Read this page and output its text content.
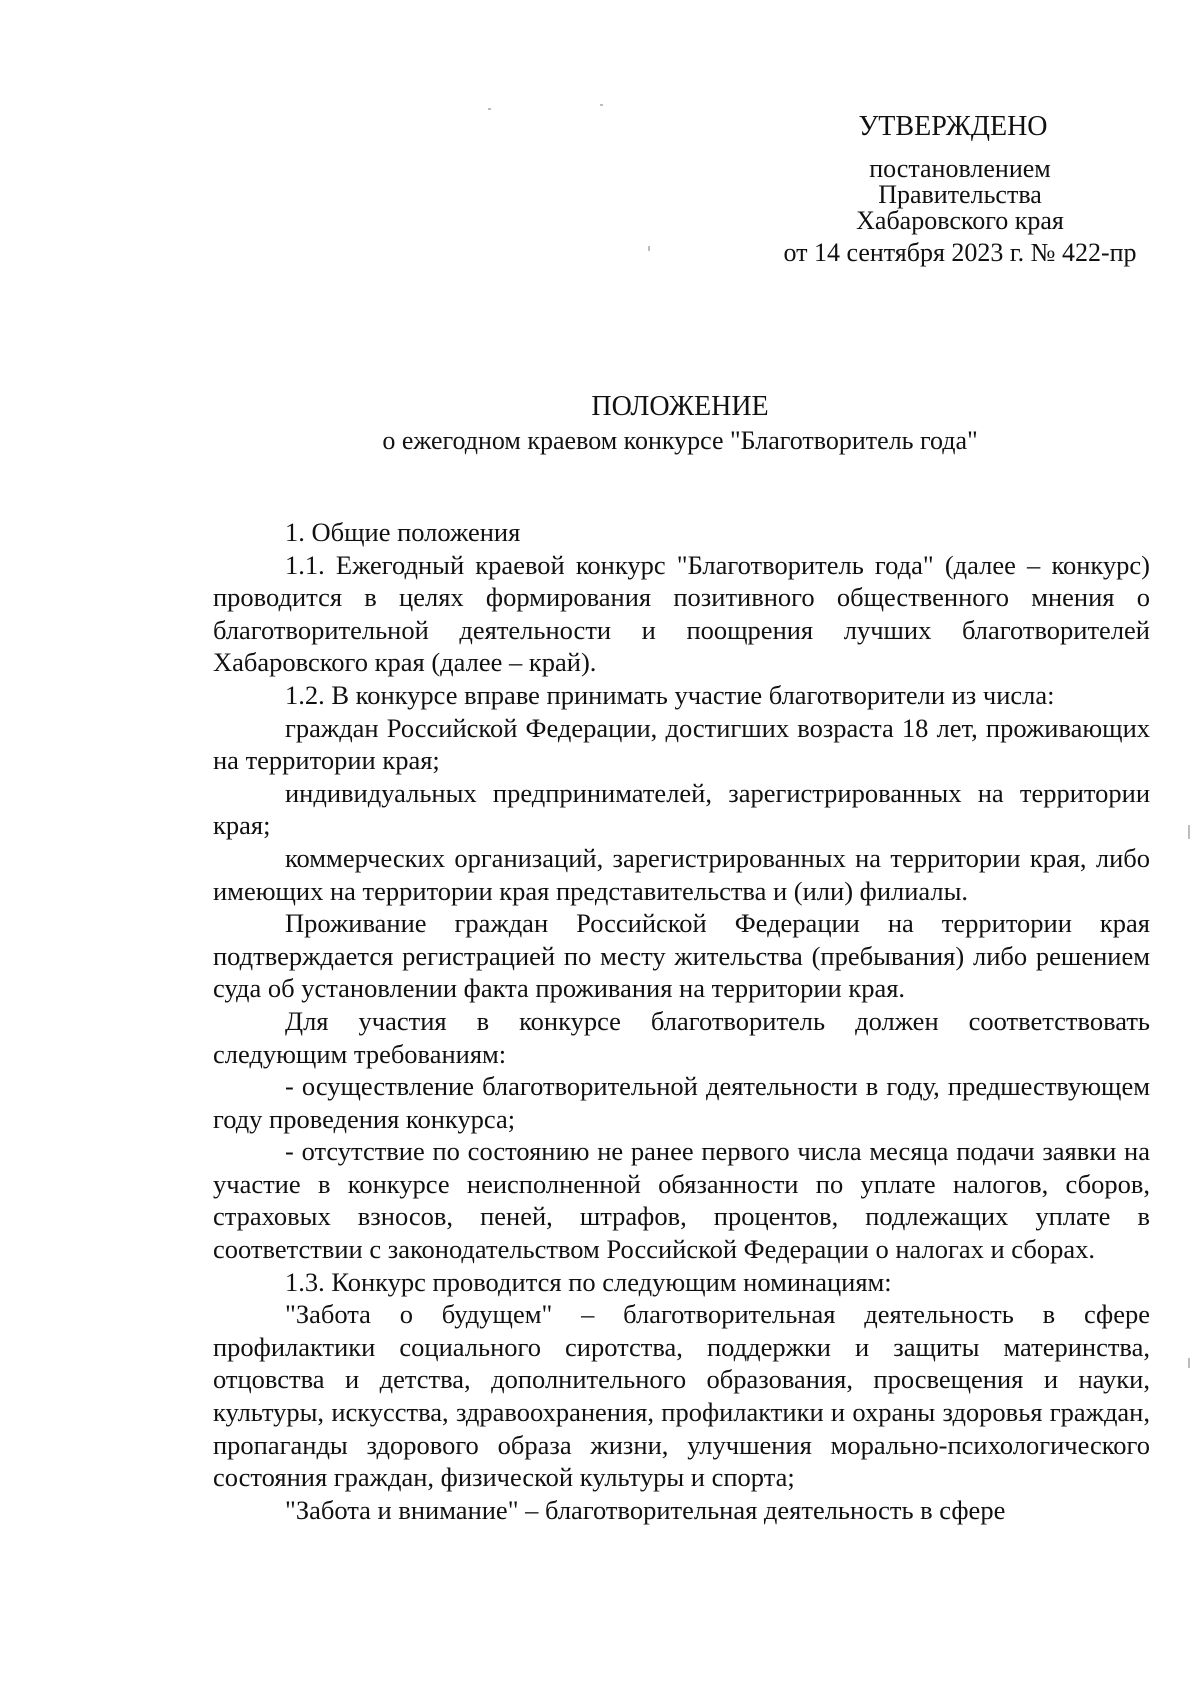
УТВЕРЖДЕНО
постановлением
Правительства
Хабаровского края
от 14 сентября 2023 г. № 422-пр
ПОЛОЖЕНИЕ
о ежегодном краевом конкурсе "Благотворитель года"

1. Общие положения

1.1. Ежегодный краевой конкурс "Благотворитель года" (далее – конкурс) проводится в целях формирования позитивного общественного мнения о благотворительной деятельности и поощрения лучших благотворителей Хабаровского края (далее – край).

1.2. В конкурсе вправе принимать участие благотворители из числа:

граждан Российской Федерации, достигших возраста 18 лет, проживающих на территории края;

индивидуальных предпринимателей, зарегистрированных на территории края;

коммерческих организаций, зарегистрированных на территории края, либо имеющих на территории края представительства и (или) филиалы.

Проживание граждан Российской Федерации на территории края подтверждается регистрацией по месту жительства (пребывания) либо решением суда об установлении факта проживания на территории края.

Для участия в конкурсе благотворитель должен соответствовать следующим требованиям:

- осуществление благотворительной деятельности в году, предшествующем году проведения конкурса;

- отсутствие по состоянию не ранее первого числа месяца подачи заявки на участие в конкурсе неисполненной обязанности по уплате налогов, сборов, страховых взносов, пеней, штрафов, процентов, подлежащих уплате в соответствии с законодательством Российской Федерации о налогах и сборах.

1.3. Конкурс проводится по следующим номинациям:

"Забота о будущем" – благотворительная деятельность в сфере профилактики социального сиротства, поддержки и защиты материнства, отцовства и детства, дополнительного образования, просвещения и науки, культуры, искусства, здравоохранения, профилактики и охраны здоровья граждан, пропаганды здорового образа жизни, улучшения морально-психологического состояния граждан, физической культуры и спорта;

"Забота и внимание" – благотворительная деятельность в сфере
